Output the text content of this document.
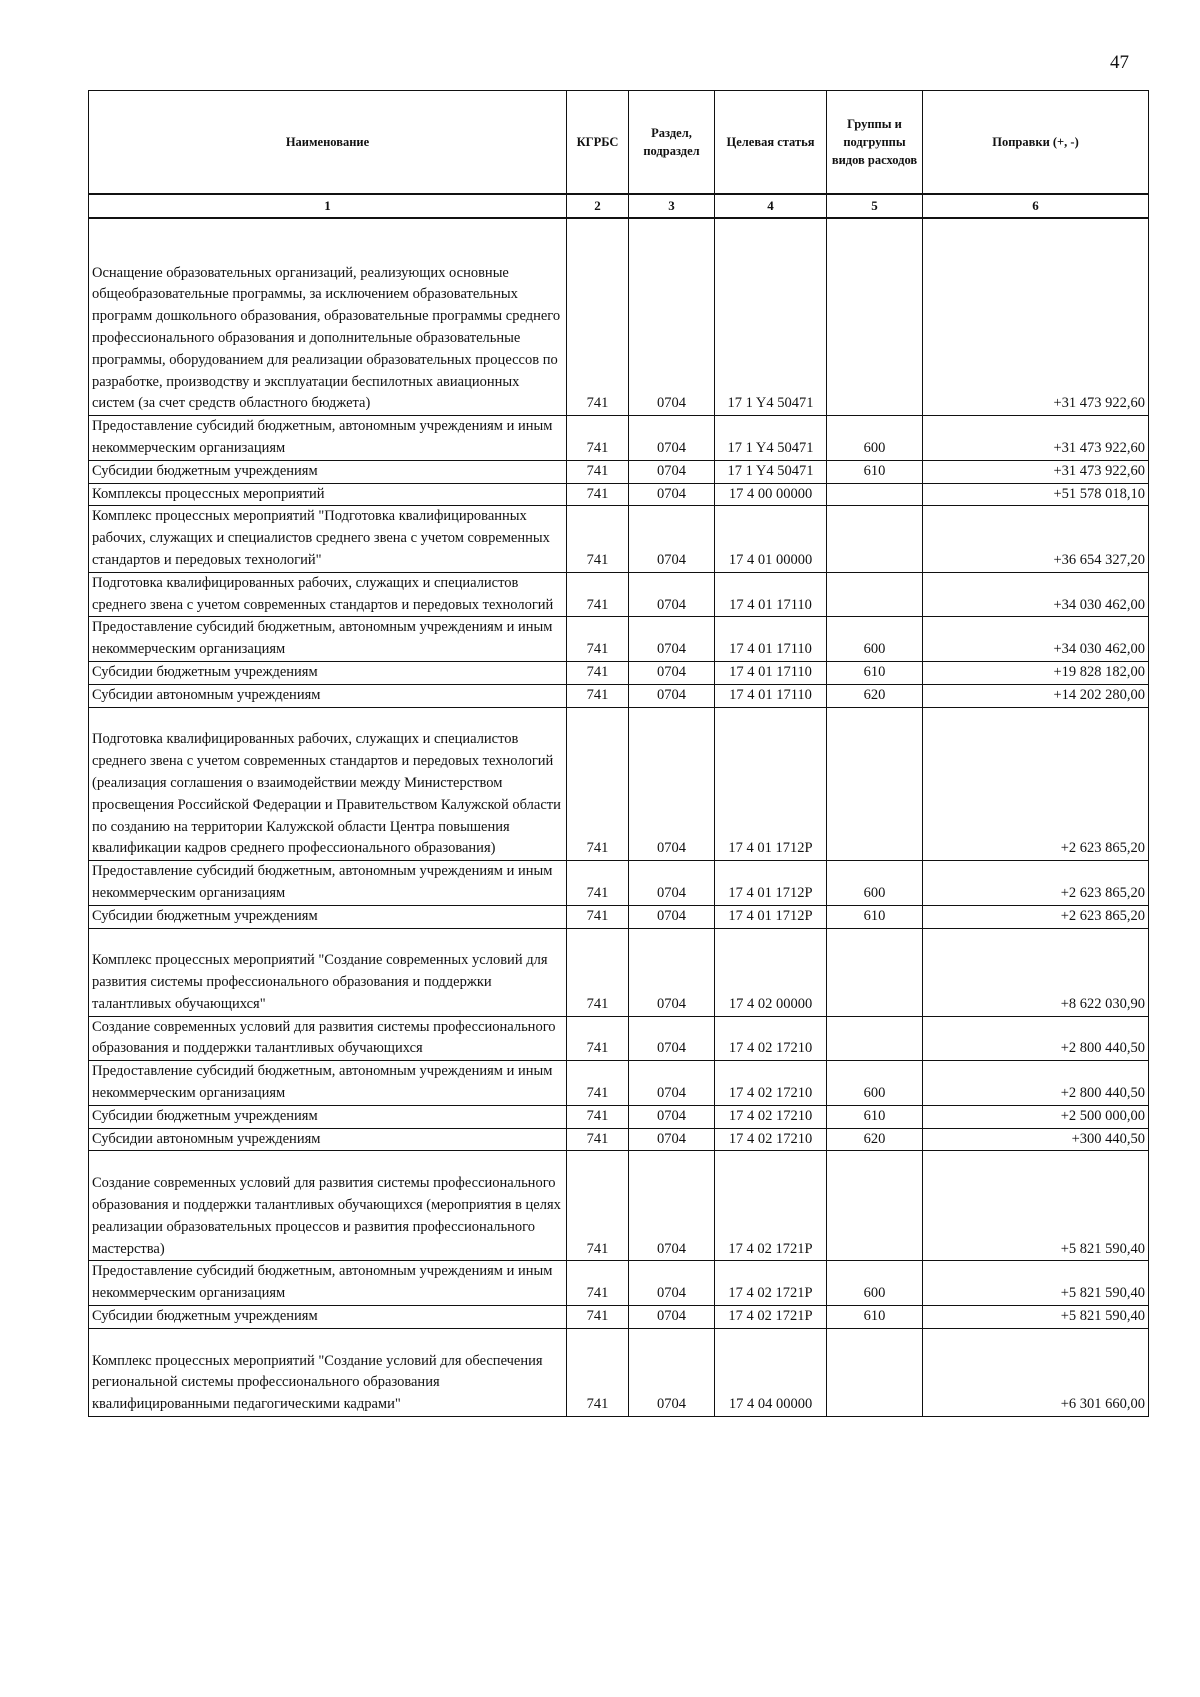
47
Наименование	КГРБС	Раздел, подраздел	Целевая статья	Группы и подгруппы видов расходов	Поправки (+, -)
1	2	3	4	5	6

Оснащение образовательных организаций, реализующих основные общеобразовательные программы, за исключением образовательных программ дошкольного образования, образовательные программы среднего профессионального образования и дополнительные образовательные программы, оборудованием для реализации образовательных процессов по разработке, производству и эксплуатации беспилотных авиационных систем (за счет средств областного бюджета)	741	0704	17 1 Y4 50471		+31 473 922,60
Предоставление субсидий бюджетным, автономным учреждениям и иным некоммерческим организациям	741	0704	17 1 Y4 50471	600	+31 473 922,60
Субсидии бюджетным учреждениям	741	0704	17 1 Y4 50471	610	+31 473 922,60
Комплексы процессных мероприятий	741	0704	17 4 00 00000		+51 578 018,10
Комплекс процессных мероприятий "Подготовка квалифицированных рабочих, служащих и специалистов среднего звена с учетом современных стандартов и передовых технологий"	741	0704	17 4 01 00000		+36 654 327,20
Подготовка квалифицированных рабочих, служащих и специалистов среднего звена с учетом современных стандартов и передовых технологий	741	0704	17 4 01 17110		+34 030 462,00
Предоставление субсидий бюджетным, автономным учреждениям и иным некоммерческим организациям	741	0704	17 4 01 17110	600	+34 030 462,00
Субсидии бюджетным учреждениям	741	0704	17 4 01 17110	610	+19 828 182,00
Субсидии автономным учреждениям	741	0704	17 4 01 17110	620	+14 202 280,00

Подготовка квалифицированных рабочих, служащих и специалистов среднего звена с учетом современных стандартов и передовых технологий (реализация соглашения о взаимодействии между Министерством просвещения Российской Федерации и Правительством Калужской области по созданию на территории Калужской области Центра повышения квалификации кадров среднего профессионального образования)	741	0704	17 4 01 1712P		+2 623 865,20
Предоставление субсидий бюджетным, автономным учреждениям и иным некоммерческим организациям	741	0704	17 4 01 1712P	600	+2 623 865,20
Субсидии бюджетным учреждениям	741	0704	17 4 01 1712P	610	+2 623 865,20

Комплекс процессных мероприятий "Создание современных условий для развития системы профессионального образования и поддержки талантливых обучающихся"	741	0704	17 4 02 00000		+8 622 030,90
Создание современных условий для развития системы профессионального образования и поддержки талантливых обучающихся	741	0704	17 4 02 17210		+2 800 440,50
Предоставление субсидий бюджетным, автономным учреждениям и иным некоммерческим организациям	741	0704	17 4 02 17210	600	+2 800 440,50
Субсидии бюджетным учреждениям	741	0704	17 4 02 17210	610	+2 500 000,00
Субсидии автономным учреждениям	741	0704	17 4 02 17210	620	+300 440,50

Создание современных условий для развития системы профессионального образования и поддержки талантливых обучающихся (мероприятия в целях реализации образовательных процессов и развития профессионального мастерства)	741	0704	17 4 02 1721P		+5 821 590,40
Предоставление субсидий бюджетным, автономным учреждениям и иным некоммерческим организациям	741	0704	17 4 02 1721P	600	+5 821 590,40
Субсидии бюджетным учреждениям	741	0704	17 4 02 1721P	610	+5 821 590,40

Комплекс процессных мероприятий "Создание условий для обеспечения региональной системы профессионального образования квалифицированными педагогическими кадрами"	741	0704	17 4 04 00000		+6 301 660,00
